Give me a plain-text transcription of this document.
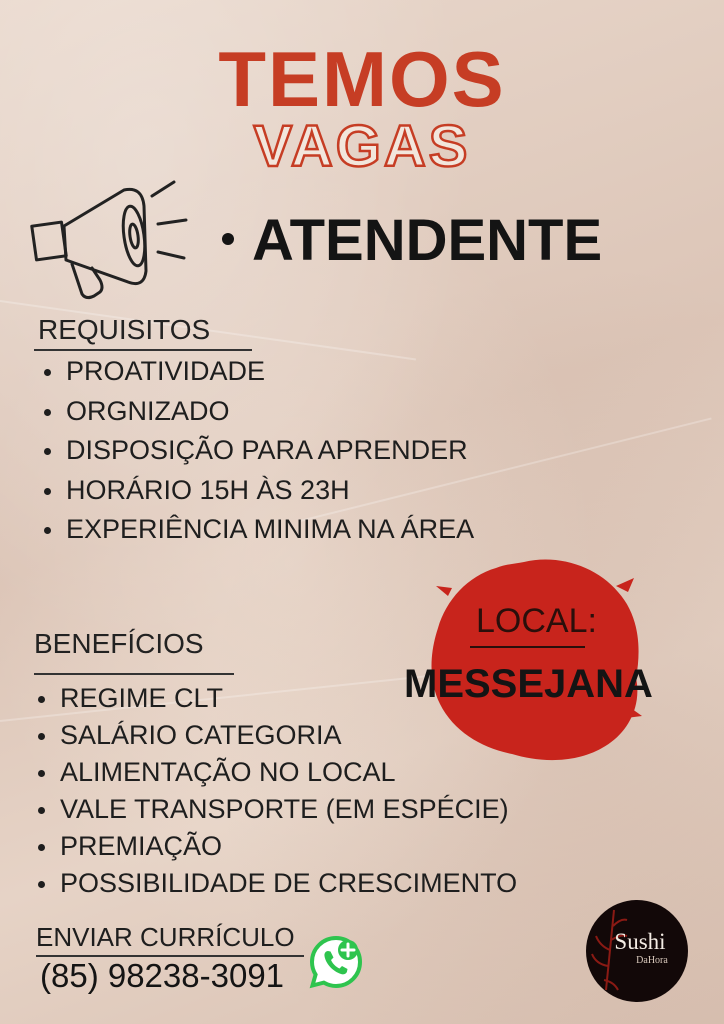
TEMOS
VAGAS
ATENDENTE
REQUISITOS
PROATIVIDADE
ORGNIZADO
DISPOSIÇÃO PARA APRENDER
HORÁRIO 15H ÀS 23H
EXPERIÊNCIA MINIMA NA ÁREA
LOCAL:
MESSEJANA
BENEFÍCIOS
REGIME CLT
SALÁRIO CATEGORIA
ALIMENTAÇÃO NO LOCAL
VALE TRANSPORTE (EM ESPÉCIE)
PREMIAÇÃO
POSSIBILIDADE DE CRESCIMENTO
ENVIAR CURRÍCULO
(85) 98238-3091
Sushi
DaHora
